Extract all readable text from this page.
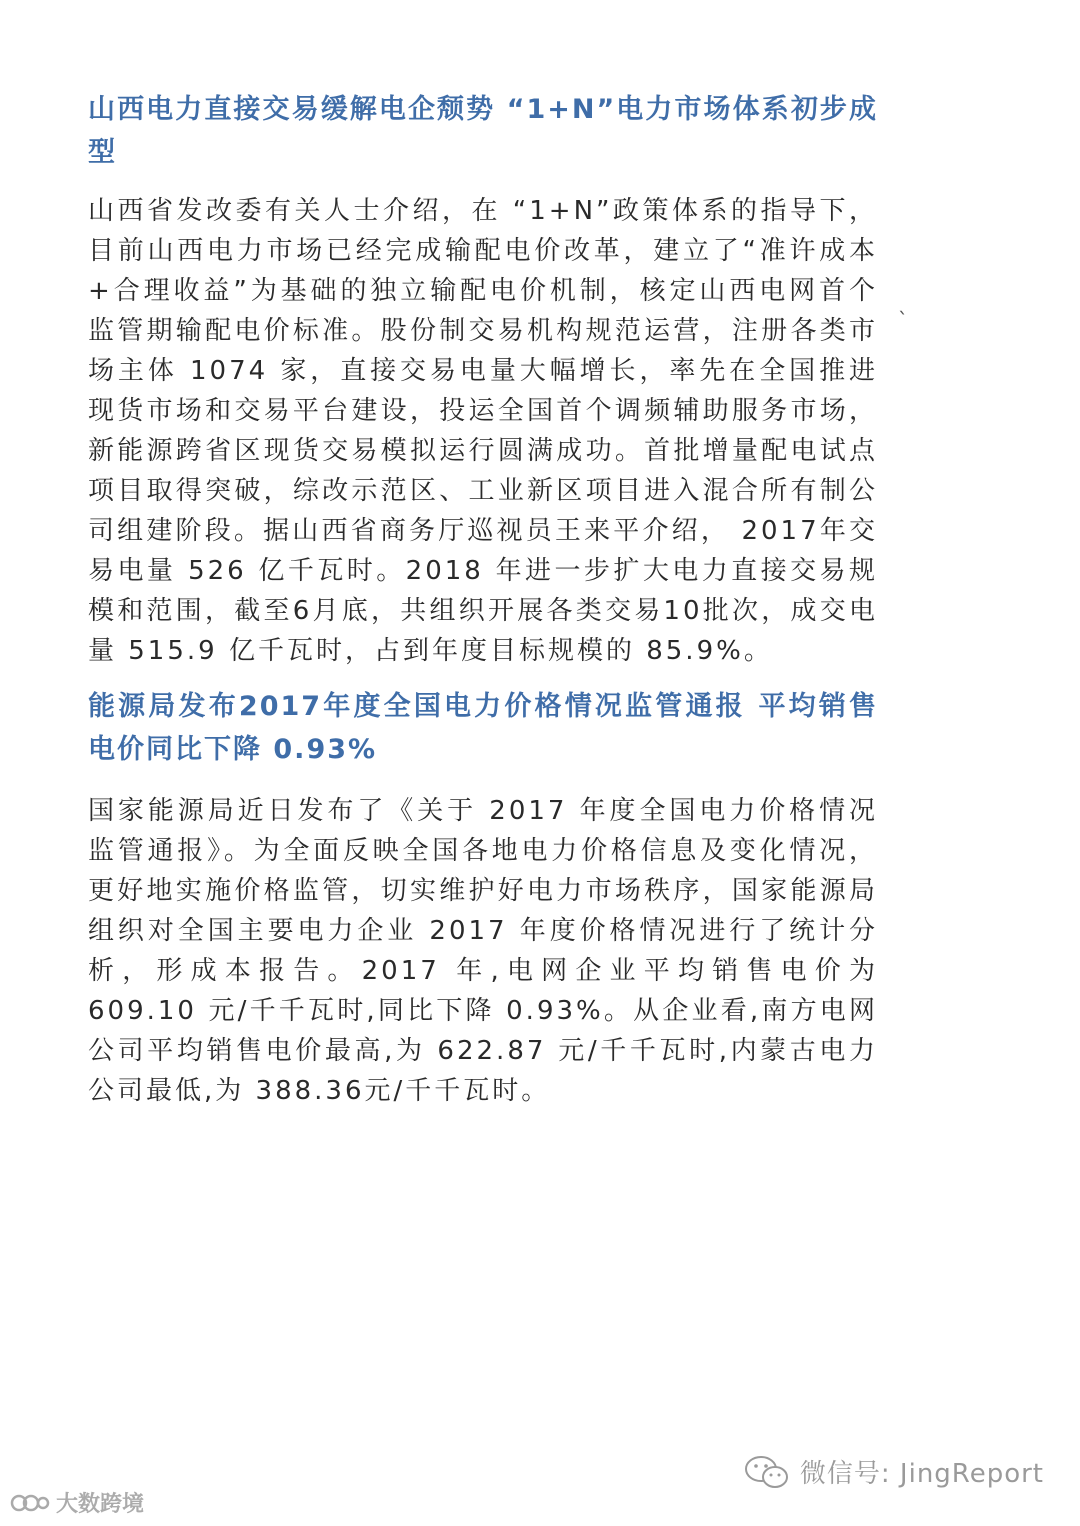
山西电力直接交易缓解电企颓势 “1+N”电力市场体系初步成型

山西省发改委有关人士介绍，在 “1+N”政策体系的指导下，目前山西电力市场已经完成输配电价改革，建立了“准许成本+合理收益”为基础的独立输配电价机制，核定山西电网首个监管期输配电价标准。股份制交易机构规范运营，注册各类市场主体 1074 家，直接交易电量大幅增长，率先在全国推进现货市场和交易平台建设，投运全国首个调频辅助服务市场，新能源跨省区现货交易模拟运行圆满成功。首批增量配电试点项目取得突破，综改示范区、工业新区项目进入混合所有制公司组建阶段。据山西省商务厅巡视员王来平介绍， 2017年交易电量 526 亿千瓦时。2018 年进一步扩大电力直接交易规模和范围，截至6月底，共组织开展各类交易10批次，成交电量 515.9 亿千瓦时，占到年度目标规模的 85.9%。

能源局发布2017年度全国电力价格情况监管通报 平均销售电价同比下降 0.93%

国家能源局近日发布了《关于 2017 年度全国电力价格情况监管通报》。为全面反映全国各地电力价格信息及变化情况，更好地实施价格监管，切实维护好电力市场秩序，国家能源局组织对全国主要电力企业 2017 年度价格情况进行了统计分析，形成本报告。2017 年,电网企业平均销售电价为 609.10 元/千千瓦时,同比下降 0.93%。从企业看,南方电网公司平均销售电价最高,为 622.87 元/千千瓦时,内蒙古电力公司最低,为 388.36元/千千瓦时。

`
微信号: JingReport
大数跨境
